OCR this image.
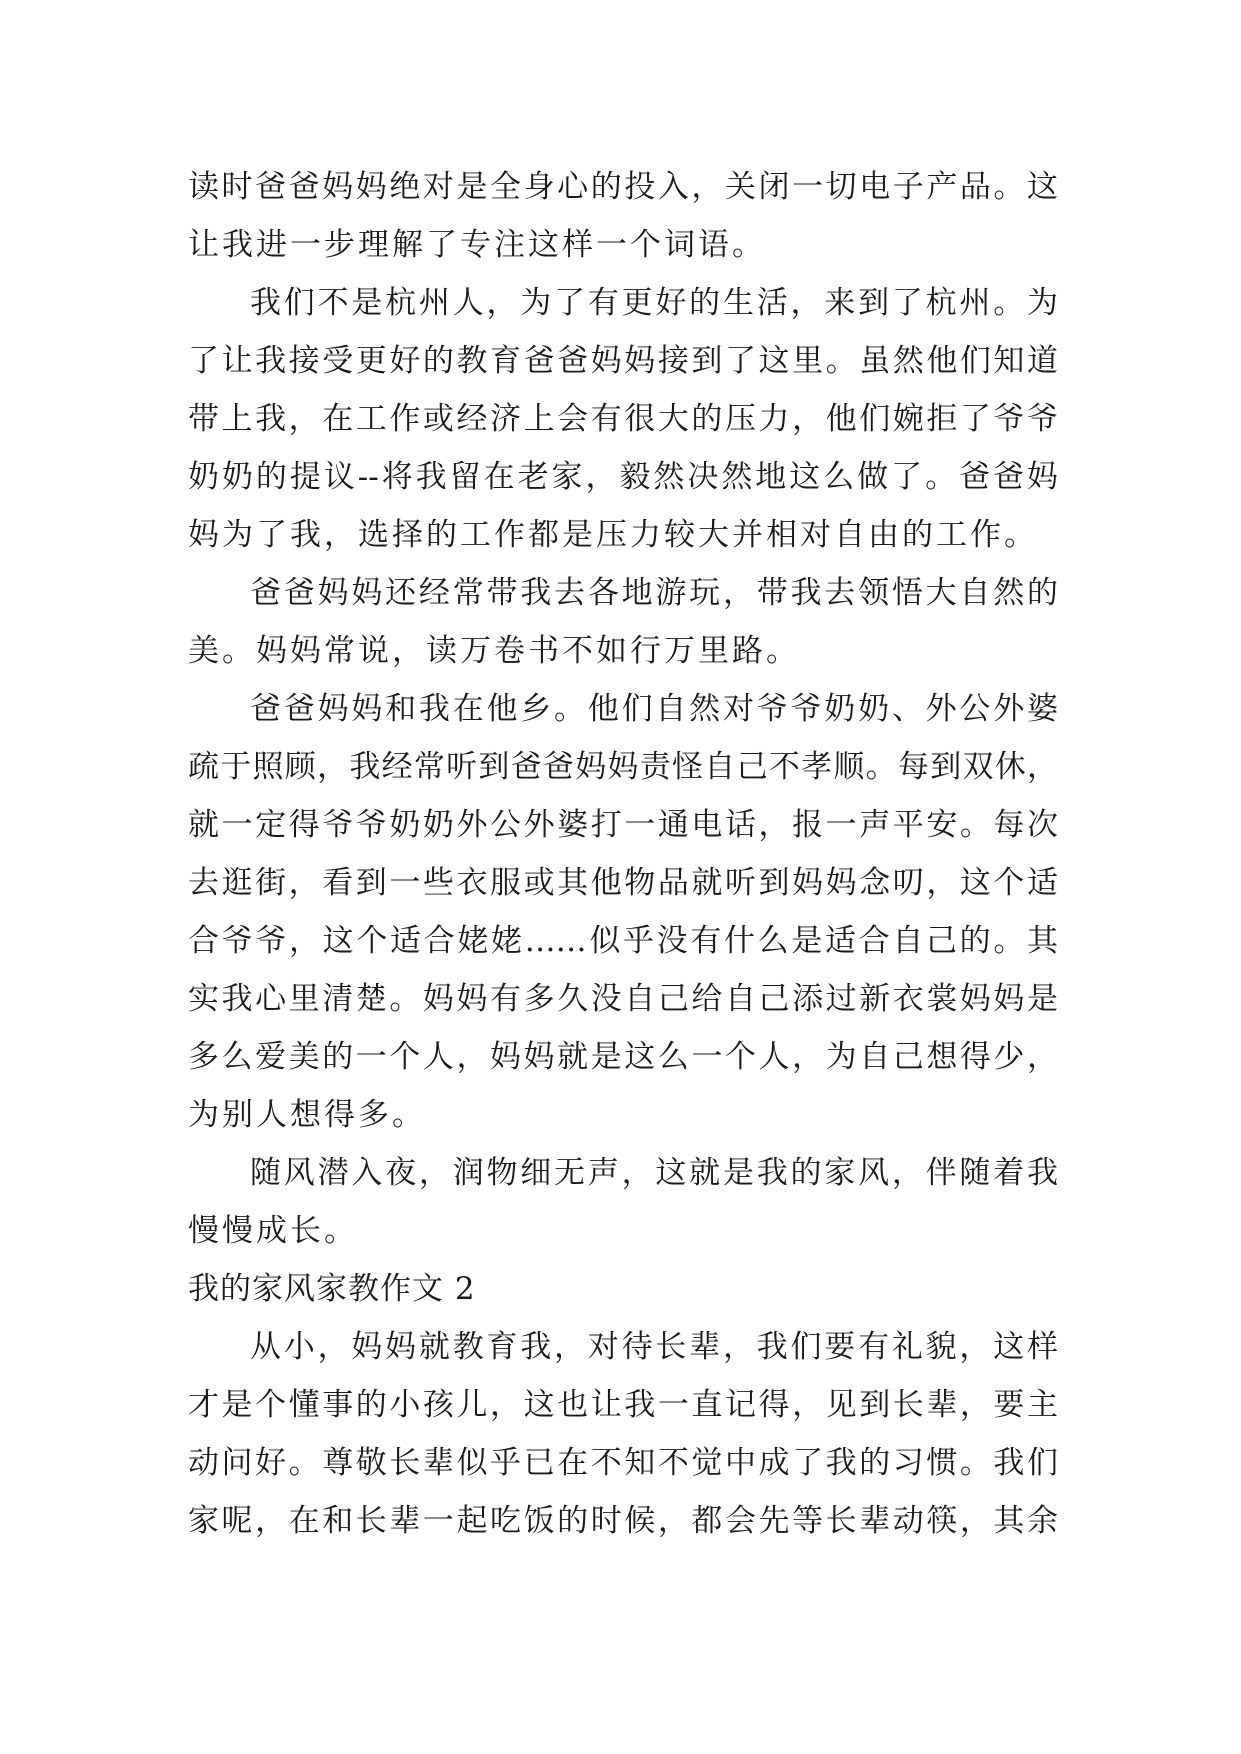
读时爸爸妈妈绝对是全身心的投入，关闭一切电子产品。这
让我进一步理解了专注这样一个词语。
我们不是杭州人，为了有更好的生活，来到了杭州。为
了让我接受更好的教育爸爸妈妈接到了这里。虽然他们知道
带上我，在工作或经济上会有很大的压力，他们婉拒了爷爷
奶奶的提议--将我留在老家，毅然决然地这么做了。爸爸妈
妈为了我，选择的工作都是压力较大并相对自由的工作。
爸爸妈妈还经常带我去各地游玩，带我去领悟大自然的
美。妈妈常说，读万卷书不如行万里路。
爸爸妈妈和我在他乡。他们自然对爷爷奶奶、外公外婆
疏于照顾，我经常听到爸爸妈妈责怪自己不孝顺。每到双休，
就一定得爷爷奶奶外公外婆打一通电话，报一声平安。每次
去逛街，看到一些衣服或其他物品就听到妈妈念叨，这个适
合爷爷，这个适合姥姥……似乎没有什么是适合自己的。其
实我心里清楚。妈妈有多久没自己给自己添过新衣裳妈妈是
多么爱美的一个人，妈妈就是这么一个人，为自己想得少，
为别人想得多。
随风潜入夜，润物细无声，这就是我的家风，伴随着我
慢慢成长。
我的家风家教作文 2
从小，妈妈就教育我，对待长辈，我们要有礼貌，这样
才是个懂事的小孩儿，这也让我一直记得，见到长辈，要主
动问好。尊敬长辈似乎已在不知不觉中成了我的习惯。我们
家呢，在和长辈一起吃饭的时候，都会先等长辈动筷，其余
